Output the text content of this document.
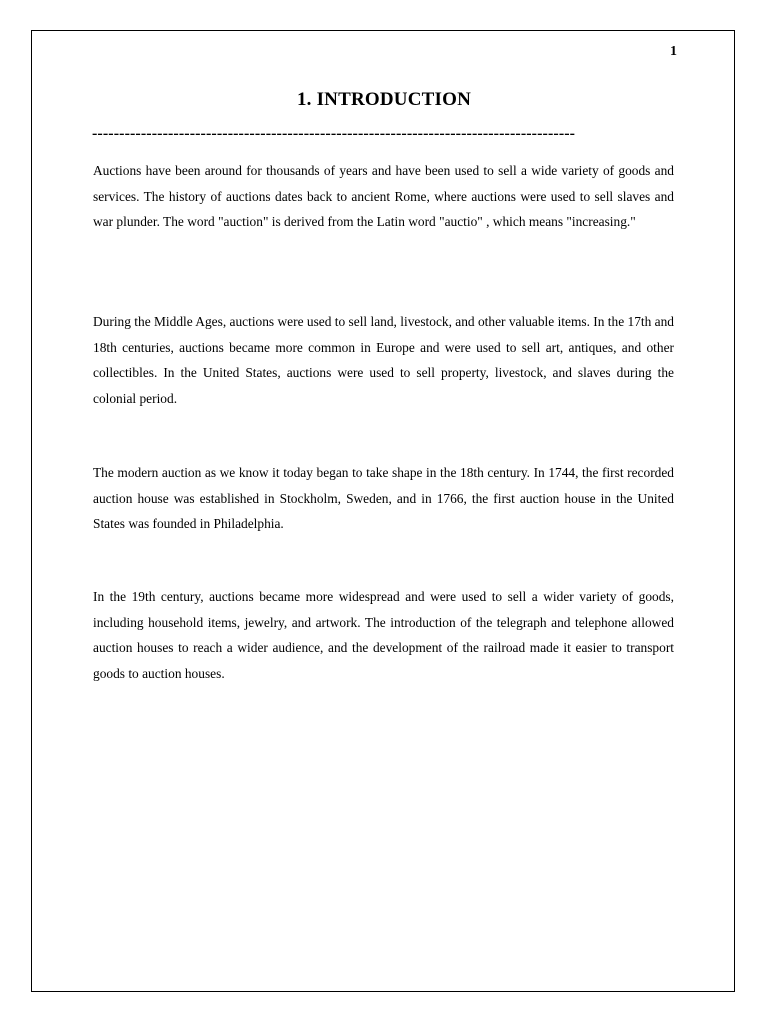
1
1. INTRODUCTION
-----------------------------------------------------------------------------------------

Auctions have been around for thousands of years and have been used to sell a wide variety of goods and services. The history of auctions dates back to ancient Rome, where auctions were used to sell slaves and war plunder. The word "auction" is derived from the Latin word "auctio" , which means "increasing."

During the Middle Ages, auctions were used to sell land, livestock, and other valuable items. In the 17th and 18th centuries, auctions became more common in Europe and were used to sell art, antiques, and other collectibles. In the United States, auctions were used to sell property, livestock, and slaves during the colonial period.

The modern auction as we know it today began to take shape in the 18th century. In 1744, the first recorded auction house was established in Stockholm, Sweden, and in 1766, the first auction house in the United States was founded in Philadelphia.

In the 19th century, auctions became more widespread and were used to sell a wider variety of goods, including household items, jewelry, and artwork. The introduction of the telegraph and telephone allowed auction houses to reach a wider audience, and the development of the railroad made it easier to transport goods to auction houses.
